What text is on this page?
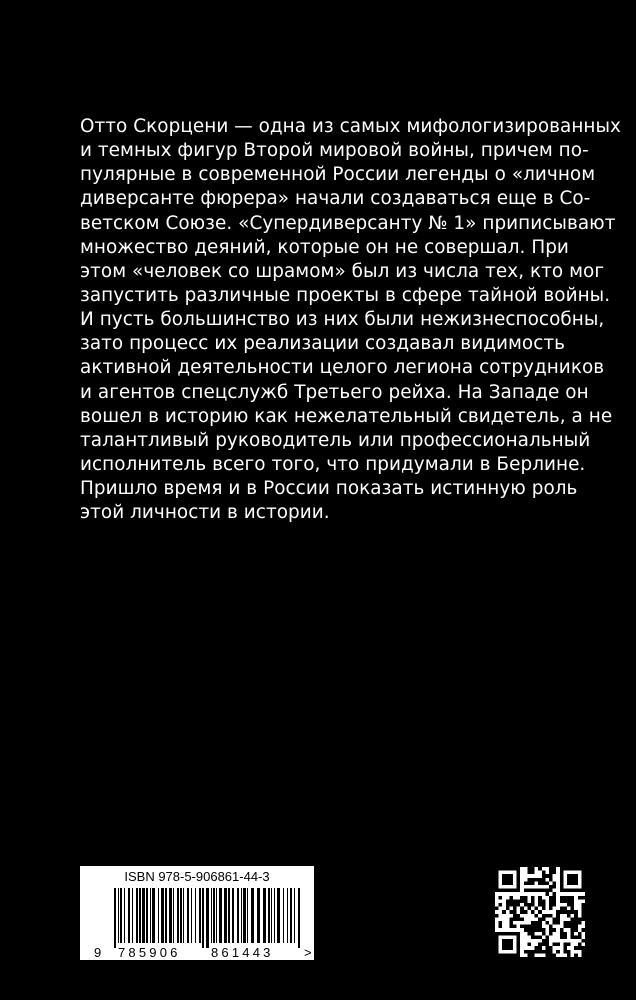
Отто Скорцени — одна из самых мифологизированных
и темных фигур Второй мировой войны, причем по-
пулярные в современной России легенды о «личном
диверсанте фюрера» начали создаваться еще в Со-
ветском Союзе. «Супердиверсанту № 1» приписывают
множество деяний, которые он не совершал. При
этом «человек со шрамом» был из числа тех, кто мог
запустить различные проекты в сфере тайной войны.
И пусть большинство из них были нежизнеспособны,
зато процесс их реализации создавал видимость
активной деятельности целого легиона сотрудников
и агентов спецслужб Третьего рейха. На Западе он
вошел в историю как нежелательный свидетель, а не
талантливый руководитель или профессиональный
исполнитель всего того, что придумали в Берлине.
Пришло время и в России показать истинную роль
этой личности в истории.
ISBN 978-5-906861-44-3
9 785906 861443 >
